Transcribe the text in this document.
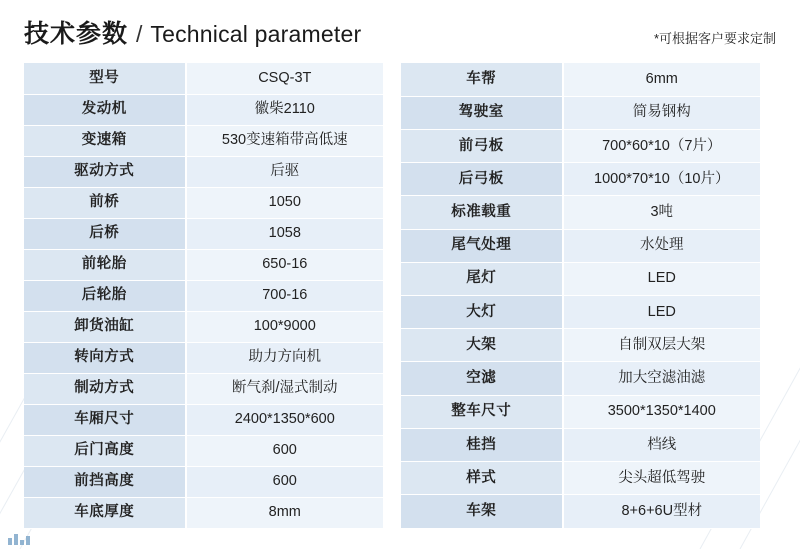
技术参数 / Technical parameter	*可根据客户要求定制
型号	CSQ-3T
发动机	徽柴2110
变速箱	530变速箱带高低速
驱动方式	后驱
前桥	1050
后桥	1058
前轮胎	650-16
后轮胎	700-16
卸货油缸	100*9000
转向方式	助力方向机
制动方式	断气刹/湿式制动
车厢尺寸	2400*1350*600
后门高度	600
前挡高度	600
车底厚度	8mm
车帮	6mm
驾驶室	简易钢构
前弓板	700*60*10（7片）
后弓板	1000*70*10（10片）
标准载重	3吨
尾气处理	水处理
尾灯	LED
大灯	LED
大架	自制双层大架
空滤	加大空滤油滤
整车尺寸	3500*1350*1400
桂挡	档线
样式	尖头超低驾驶
车架	8+6+6U型材
